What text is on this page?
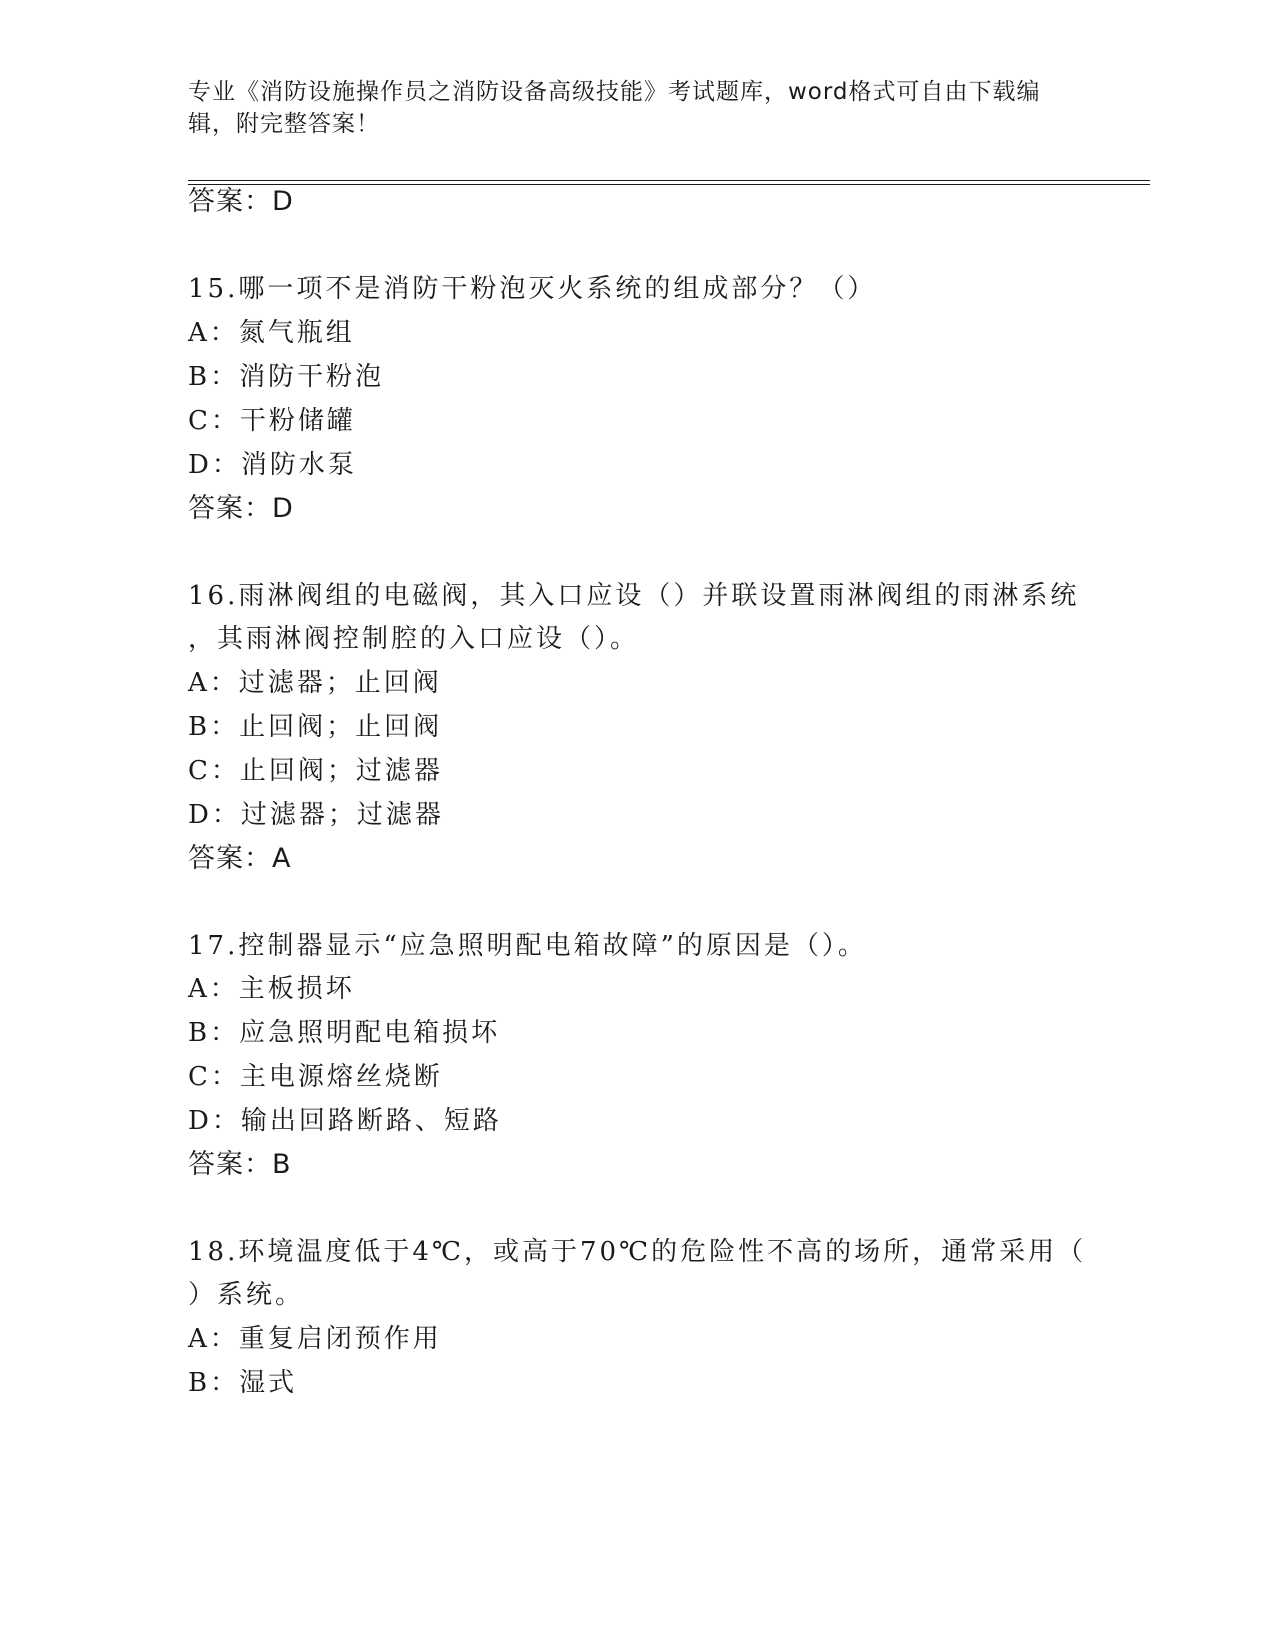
专业《消防设施操作员之消防设备高级技能》考试题库，word格式可自由下载编辑，附完整答案！
答案：D
15.哪一项不是消防干粉泡灭火系统的组成部分？（）
A：氮气瓶组
B：消防干粉泡
C：干粉储罐
D：消防水泵
答案：D
16.雨淋阀组的电磁阀，其入口应设（）并联设置雨淋阀组的雨淋系统
，其雨淋阀控制腔的入口应设（）。
A：过滤器；止回阀
B：止回阀；止回阀
C：止回阀；过滤器
D：过滤器；过滤器
答案：A
17.控制器显示“应急照明配电箱故障”的原因是（）。
A：主板损坏
B：应急照明配电箱损坏
C：主电源熔丝烧断
D：输出回路断路、短路
答案：B
18.环境温度低于4℃，或高于70℃的危险性不高的场所，通常采用（
）系统。
A：重复启闭预作用
B：湿式
